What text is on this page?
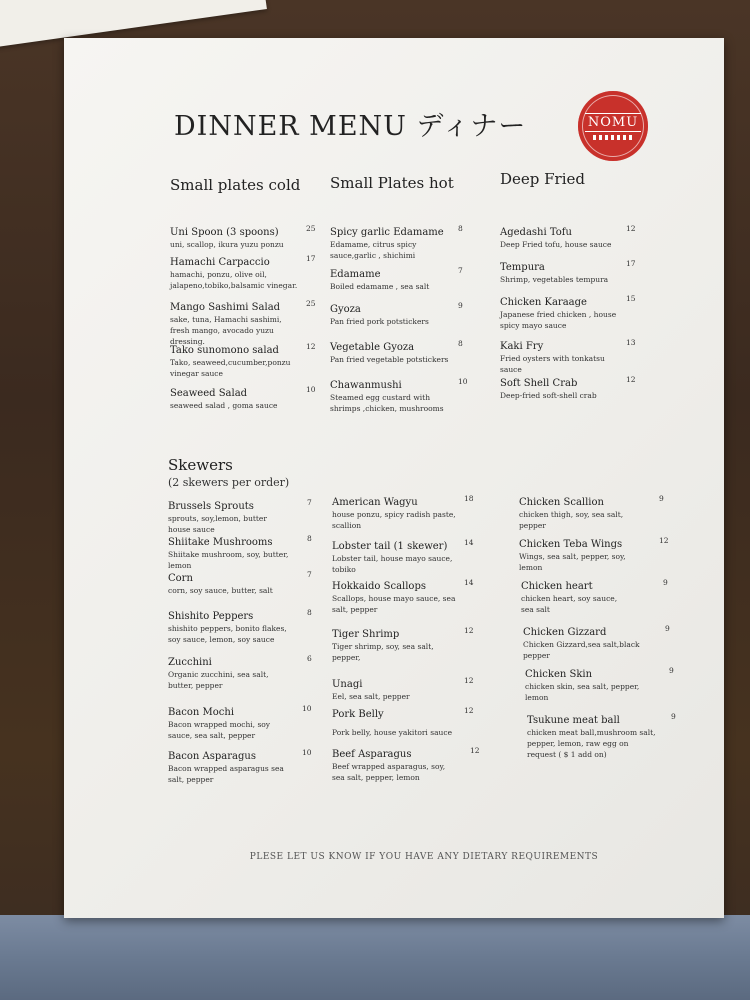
DINNER MENU ディナー	NOMU
Small plates cold
Uni Spoon (3 spoons)
uni, scallop, ikura yuzu ponzu
25
Hamachi Carpaccio
hamachi, ponzu, olive oil, jalapeno,tobiko,balsamic vinegar.
17
Mango Sashimi Salad
sake, tuna, Hamachi sashimi, fresh mango, avocado yuzu dressing.
25
Tako sunomono salad
Tako, seaweed,cucumber,ponzu vinegar sauce
12
Seaweed Salad
seaweed salad , goma sauce
10
Small Plates hot
Spicy garlic Edamame
Edamame, citrus spicy sauce,garlic , shichimi
8
Edamame
Boiled edamame , sea salt
7
Gyoza
Pan fried pork potstickers
9
Vegetable Gyoza
Pan fried vegetable potstickers
8
Chawanmushi
Steamed egg custard with shrimps ,chicken, mushrooms
10
Deep Fried
Agedashi Tofu
Deep Fried tofu, house sauce
12
Tempura
Shrimp, vegetables tempura
17
Chicken Karaage
Japanese fried chicken , house spicy mayo sauce
15
Kaki Fry
Fried oysters with tonkatsu sauce
13
Soft Shell Crab
Deep-fried soft-shell crab
12
Skewers
(2 skewers per order)
Brussels Sprouts
sprouts, soy,lemon, butter house sauce
7
Shiitake Mushrooms
Shiitake mushroom, soy, butter, lemon
8
Corn
corn, soy sauce, butter, salt
7
Shishito Peppers
shishito peppers, bonito flakes, soy sauce, lemon, soy sauce
8
Zucchini
Organic zucchini, sea salt, butter, pepper
6
Bacon Mochi
Bacon wrapped mochi, soy sauce, sea salt, pepper
10
Bacon Asparagus
Bacon wrapped asparagus sea salt, pepper
10
American Wagyu
house ponzu, spicy radish paste, scallion
18
Lobster tail (1 skewer)
Lobster tail, house mayo sauce, tobiko
14
Hokkaido Scallops
Scallops, house mayo sauce, sea salt, pepper
14
Tiger Shrimp
Tiger shrimp, soy, sea salt, pepper,
12
Unagi
Eel, sea salt, pepper
12
Pork Belly
Pork belly, house yakitori sauce
12
Beef Asparagus
Beef wrapped asparagus, soy, sea salt, pepper, lemon
12
Chicken Scallion
chicken thigh, soy, sea salt, pepper
9
Chicken Teba Wings
Wings, sea salt, pepper, soy, lemon
12
Chicken heart
chicken heart, soy sauce, sea salt
9
Chicken Gizzard
Chicken Gizzard,sea salt,black pepper
9
Chicken Skin
chicken skin, sea salt, pepper, lemon
9
Tsukune meat ball
chicken meat ball,mushroom salt, pepper, lemon, raw egg on request ( $ 1 add on)
9
PLESE LET US KNOW IF YOU HAVE ANY DIETARY REQUIREMENTS
